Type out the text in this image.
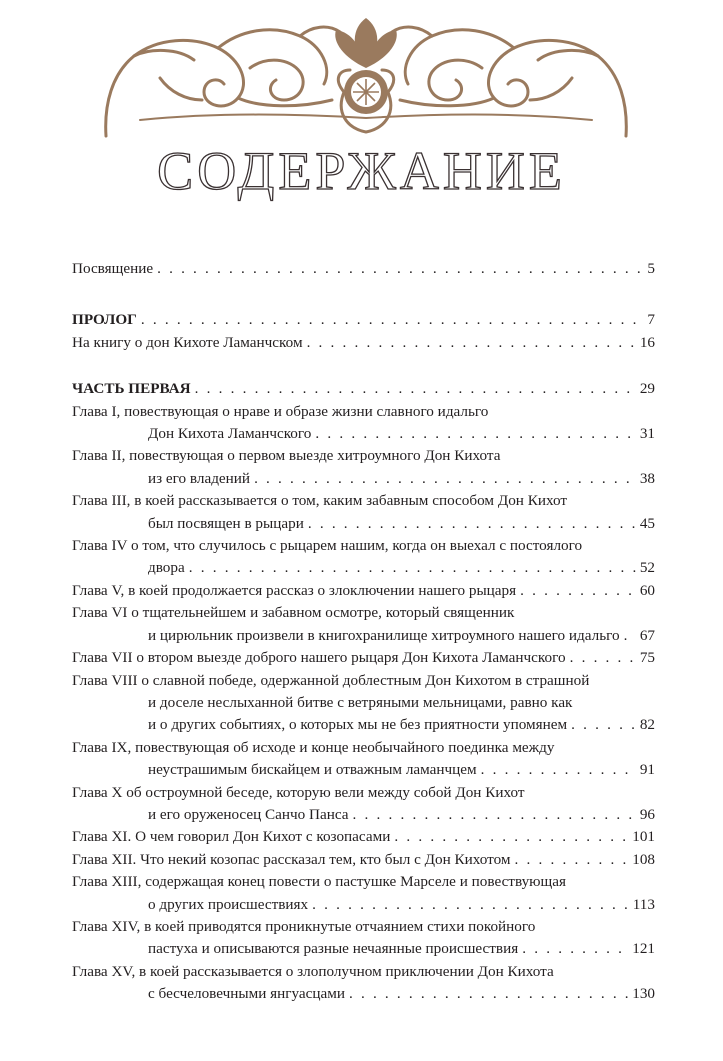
СОДЕРЖАНИЕ
Посвящение . . .	5
ПРОЛОГ . . .	7
На книгу о дон Кихоте Ламанчском . . .	16
ЧАСТЬ ПЕРВАЯ . . .	29
Глава I, повествующая о нраве и образе жизни славного идальго
Дон Кихота Ламанчского . . .	31
Глава II, повествующая о первом выезде хитроумного Дон Кихота
из его владений . . .	38
Глава III, в коей рассказывается о том, каким забавным способом Дон Кихот
был посвящен в рыцари . . .	45
Глава IV о том, что случилось с рыцарем нашим, когда он выехал с постоялого
двора . . .	52
Глава V, в коей продолжается рассказ о злоключении нашего рыцаря . . .	60
Глава VI о тщательнейшем и забавном осмотре, который священник
и цирюльник произвели в книгохранилище хитроумного нашего идальго . . . 67
Глава VII о втором выезде доброго нашего рыцаря Дон Кихота Ламанчского . . .	75
Глава VIII о славной победе, одержанной доблестным Дон Кихотом в страшной
и доселе неслыханной битве с ветряными мельницами, равно как
и о других событиях, о которых мы не без приятности упомянем . . .	82
Глава IX, повествующая об исходе и конце необычайного поединка между
неустрашимым бискайцем и отважным ламанчцем . . .	91
Глава X об остроумной беседе, которую вели между собой Дон Кихот
и его оруженосец Санчо Панса . . .	96
Глава XI. О чем говорил Дон Кихот с козопасами . . .	101
Глава XII. Что некий козопас рассказал тем, кто был с Дон Кихотом . . .	108
Глава XIII, содержащая конец повести о пастушке Марселе и повествующая
о других происшествиях . . .	113
Глава XIV, в коей приводятся проникнутые отчаянием стихи покойного
пастуха и описываются разные нечаянные происшествия . . .	121
Глава XV, в коей рассказывается о злополучном приключении Дон Кихота
с бесчеловечными янгуасцами . . .	130
